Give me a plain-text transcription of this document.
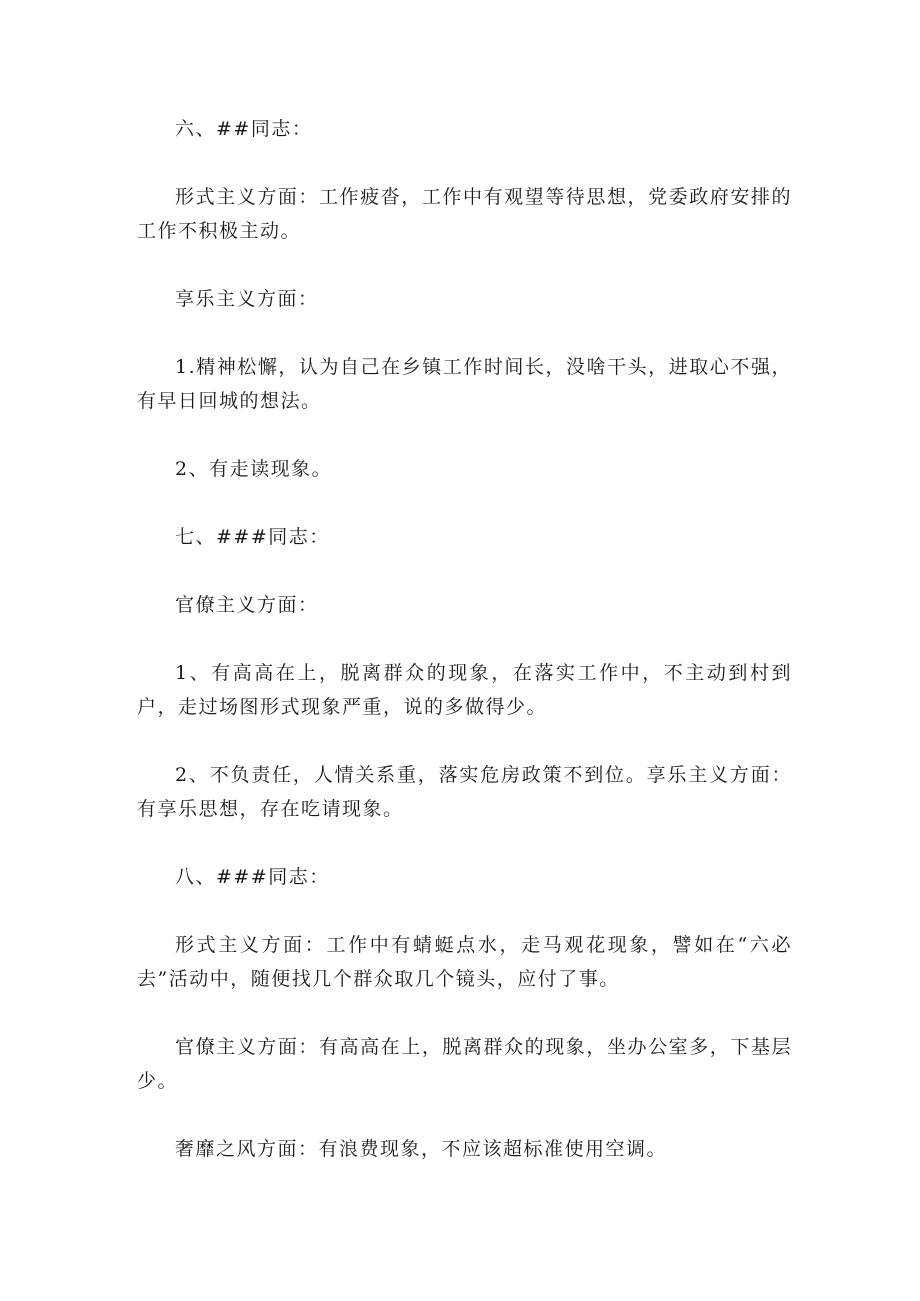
六、##同志：

形式主义方面：工作疲沓，工作中有观望等待思想，党委政府安排的工作不积极主动。

享乐主义方面：

1.精神松懈，认为自己在乡镇工作时间长，没啥干头，进取心不强，有早日回城的想法。

2、有走读现象。

七、###同志：

官僚主义方面：

1、有高高在上，脱离群众的现象，在落实工作中，不主动到村到户，走过场图形式现象严重，说的多做得少。

2、不负责任，人情关系重，落实危房政策不到位。享乐主义方面：有享乐思想，存在吃请现象。

八、###同志：

形式主义方面：工作中有蜻蜓点水，走马观花现象，譬如在“六必去”活动中，随便找几个群众取几个镜头，应付了事。

官僚主义方面：有高高在上，脱离群众的现象，坐办公室多，下基层少。

奢靡之风方面：有浪费现象，不应该超标准使用空调。
